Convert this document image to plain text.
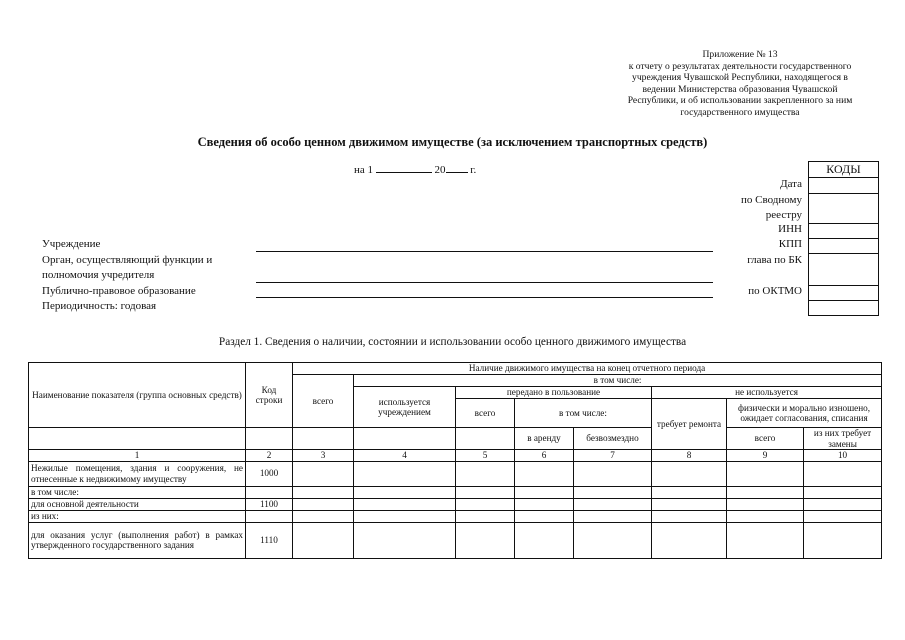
Приложение № 13
к отчету о результатах деятельности государственного
учреждения Чувашской Республики, находящегося в
ведении Министерства образования Чувашской
Республики, и об использовании закрепленного за ним
государственного имущества
Сведения об особо ценном движимом имуществе (за исключением транспортных средств)
на 1	20 г.	КОДЫ

Дата
по Сводному
реестру
ИНН
КПП
глава по БК
по ОКТМО
Учреждение
Орган, осуществляющий функции и
полномочия учредителя
Публично-правовое образование
Периодичность: годовая
Раздел 1. Сведения о наличии, состоянии и использовании особо ценного движимого имущества
Наименование показателя (группа основных средств)	Код строки	Наличие движимого имущества на конец отчетного периода							
		всего	в том числе:						
			используется учреждением	передано в пользование			не используется		
				всего	в том числе:		требует ремонта	физически и морально изношено, ожидает согласования, списания	
					в аренду	безвозмездно		всего	из них требует замены
1	2	3	4	5	6	7	8	9	10
Нежилые помещения, здания и сооружения, не отнесенные к недвижимому имуществу	1000								
в том числе:									
для основной деятельности	1100								
из них:									
для оказания услуг (выполнения работ) в рамках утвержденного государственного задания	1110								
